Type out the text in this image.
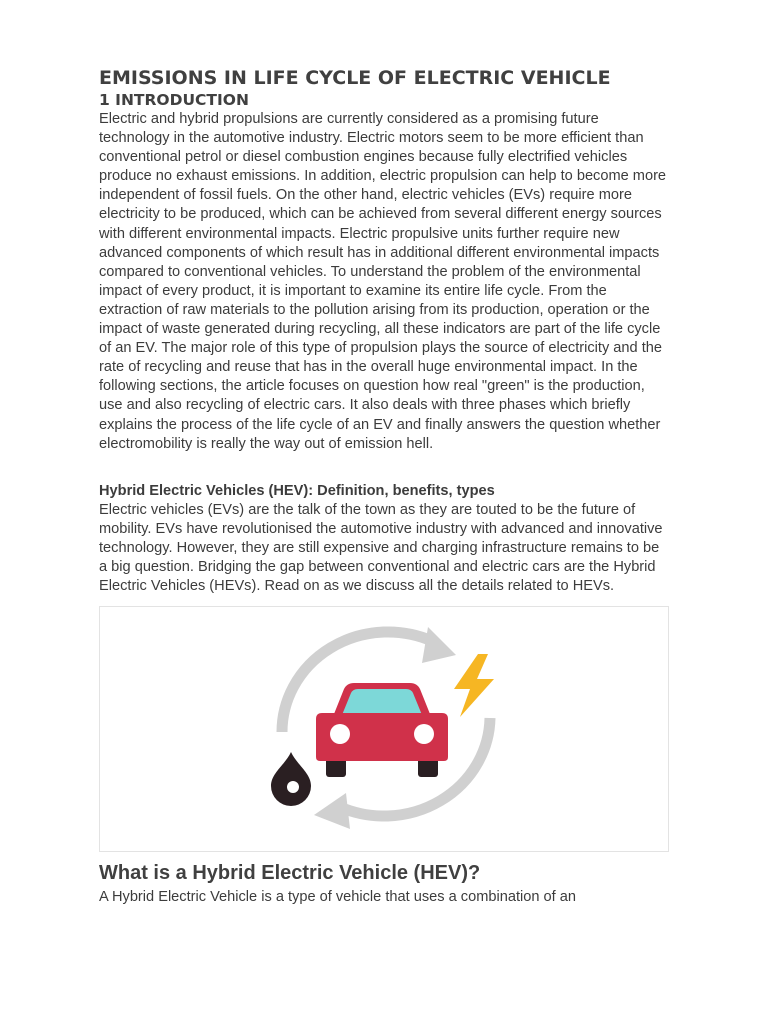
EMISSIONS IN LIFE CYCLE OF ELECTRIC VEHICLE
1 INTRODUCTION

Electric and hybrid propulsions are currently considered as a promising future technology in the automotive industry. Electric motors seem to be more efficient than conventional petrol or diesel combustion engines because fully electrified vehicles produce no exhaust emissions. In addition, electric propulsion can help to become more independent of fossil fuels. On the other hand, electric vehicles (EVs) require more electricity to be produced, which can be achieved from several different energy sources with different environmental impacts. Electric propulsive units further require new advanced components of which result has in additional different environmental impacts compared to conventional vehicles. To understand the problem of the environmental impact of every product, it is important to examine its entire life cycle. From the extraction of raw materials to the pollution arising from its production, operation or the impact of waste generated during recycling, all these indicators are part of the life cycle of an EV. The major role of this type of propulsion plays the source of electricity and the rate of recycling and reuse that has in the overall huge environmental impact. In the following sections, the article focuses on question how real "green" is the production, use and also recycling of electric cars. It also deals with three phases which briefly explains the process of the life cycle of an EV and finally answers the question whether electromobility is really the way out of emission hell.

Hybrid Electric Vehicles (HEV): Definition, benefits, types

Electric vehicles (EVs) are the talk of the town as they are touted to be the future of mobility. EVs have revolutionised the automotive industry with advanced and innovative technology. However, they are still expensive and charging infrastructure remains to be a big question. Bridging the gap between conventional and electric cars are the Hybrid Electric Vehicles (HEVs). Read on as we discuss all the details related to HEVs.

What is a Hybrid Electric Vehicle (HEV)?

A Hybrid Electric Vehicle is a type of vehicle that uses a combination of an
